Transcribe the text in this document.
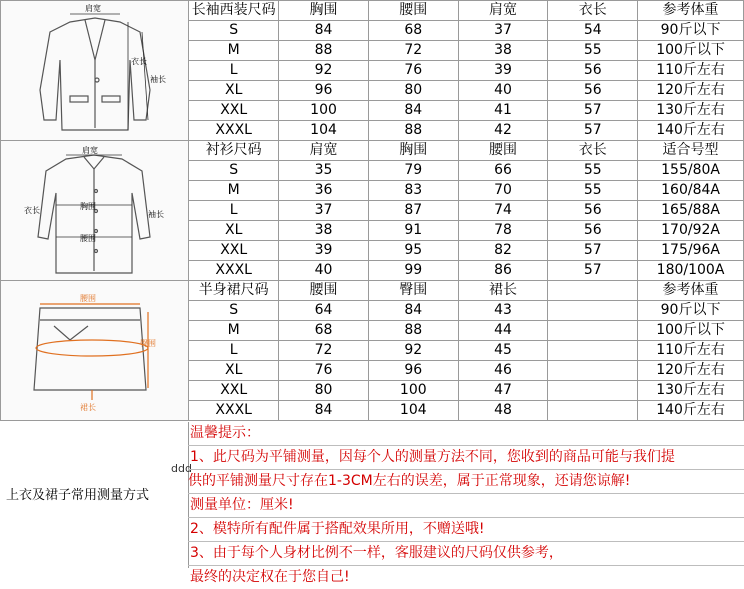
	长袖西装尺码	胸围	腰围	肩宽	衣长	参考体重
	S	84	68	37	54	90斤以下
	M	88	72	38	55	100斤以下
	L	92	76	39	56	110斤左右
	XL	96	80	40	56	120斤左右
	XXL	100	84	41	57	130斤左右
	XXXL	104	88	42	57	140斤左右
	衬衫尺码	肩宽	胸围	腰围	衣长	适合号型
	S	35	79	66	55	155/80A
	M	36	83	70	55	160/84A
	L	37	87	74	56	165/88A
	XL	38	91	78	56	170/92A
	XXL	39	95	82	57	175/96A
	XXXL	40	99	86	57	180/100A
	半身裙尺码	腰围	臀围	裙长		参考体重
	S	64	84	43		90斤以下
	M	68	88	44		100斤以下
	L	72	92	45		110斤左右
	XL	76	96	46		120斤左右
	XXL	80	100	47		130斤左右
	XXXL	84	104	48		140斤左右
肩宽
衣长
袖长
肩宽
胸围
腰围
衣长	袖长
腰围
臀围
裙长
上衣及裙子常用测量方式
ddd
温馨提示：
1、此尺码为平铺测量，因每个人的测量方法不同，您收到的商品可能与我们提
供的平铺测量尺寸存在1-3CM左右的误差，属于正常现象，还请您谅解!
测量单位：厘米!
2、模特所有配件属于搭配效果所用，不赠送哦!
3、由于每个人身材比例不一样，客服建议的尺码仅供参考，
最终的决定权在于您自己!
